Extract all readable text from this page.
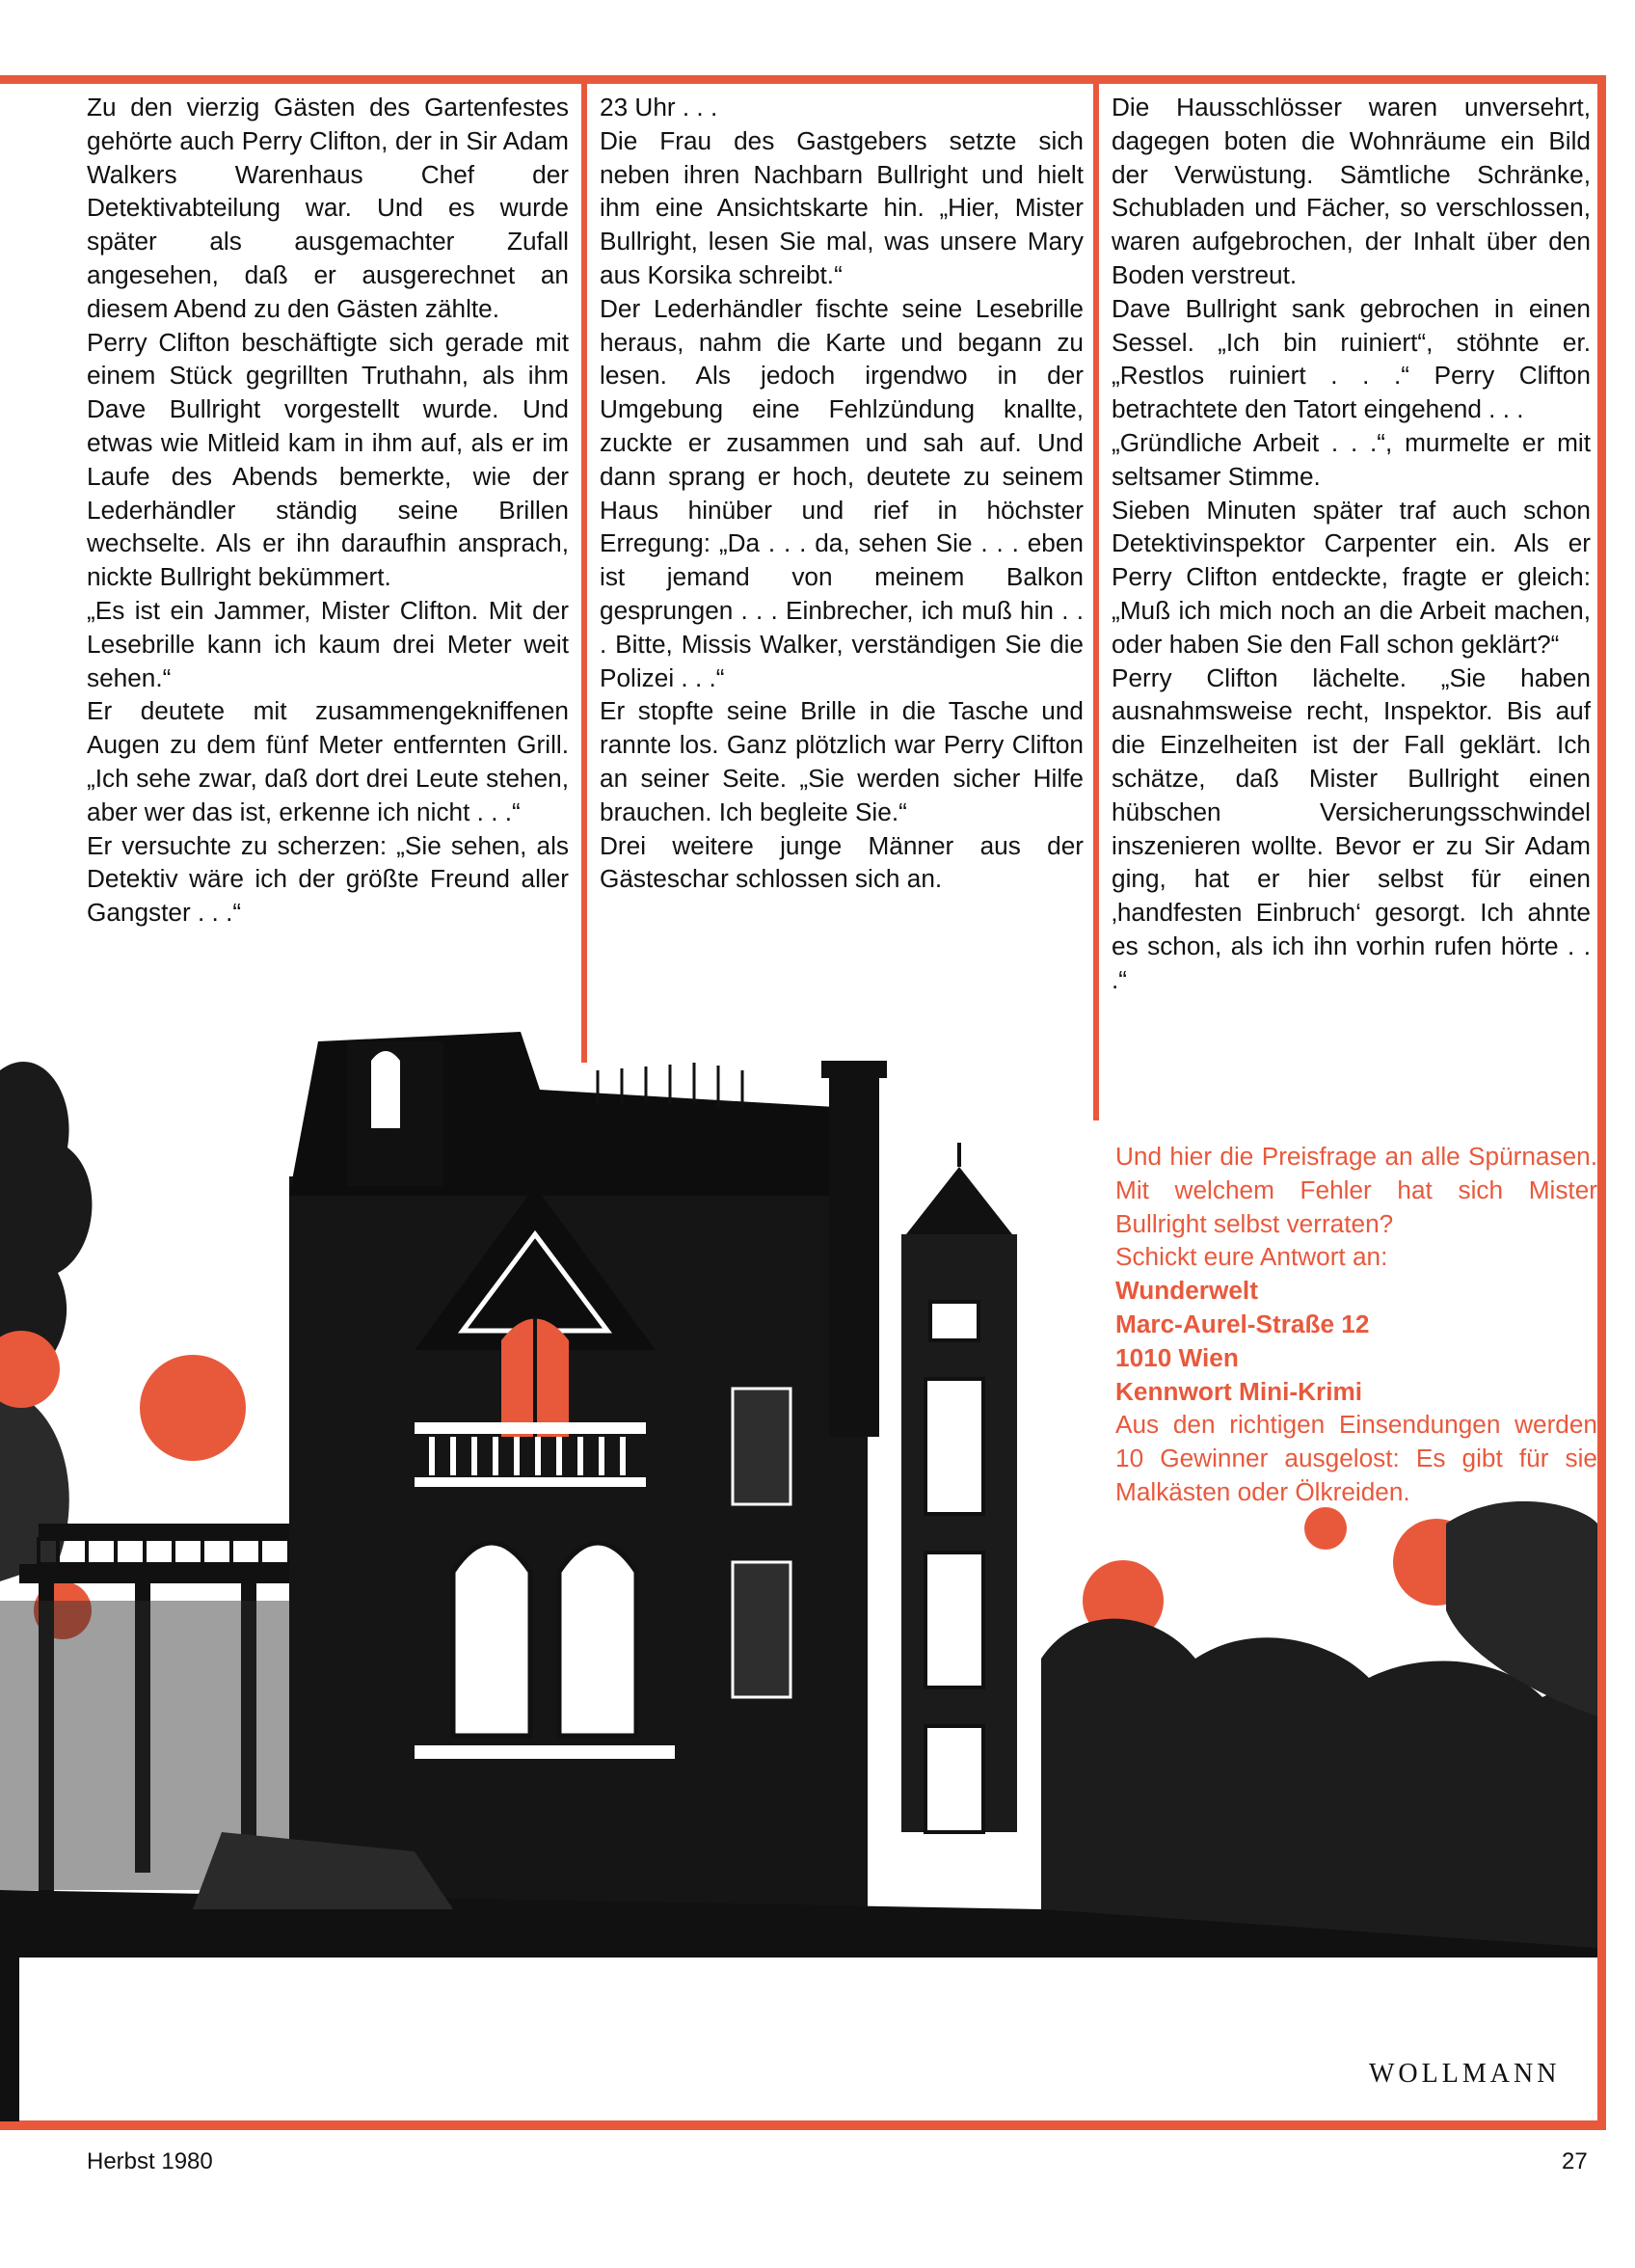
Zu den vierzig Gästen des Gartenfestes gehörte auch Perry Clifton, der in Sir Adam Walkers Warenhaus Chef der Detektivabteilung war. Und es wurde später als ausgemachter Zufall angesehen, daß er ausgerechnet an diesem Abend zu den Gästen zählte.

Perry Clifton beschäftigte sich gerade mit einem Stück gegrillten Truthahn, als ihm Dave Bullright vorgestellt wurde. Und etwas wie Mitleid kam in ihm auf, als er im Laufe des Abends bemerkte, wie der Lederhändler ständig seine Brillen wechselte. Als er ihn daraufhin ansprach, nickte Bullright bekümmert.

„Es ist ein Jammer, Mister Clifton. Mit der Lesebrille kann ich kaum drei Meter weit sehen.“

Er deutete mit zusammengekniffenen Augen zu dem fünf Meter entfernten Grill. „Ich sehe zwar, daß dort drei Leute stehen, aber wer das ist, erkenne ich nicht . . .“

Er versuchte zu scherzen: „Sie sehen, als Detektiv wäre ich der größte Freund aller Gangster . . .“

23 Uhr . . .

Die Frau des Gastgebers setzte sich neben ihren Nachbarn Bullright und hielt ihm eine Ansichtskarte hin. „Hier, Mister Bullright, lesen Sie mal, was unsere Mary aus Korsika schreibt.“

Der Lederhändler fischte seine Lesebrille heraus, nahm die Karte und begann zu lesen. Als jedoch irgendwo in der Umgebung eine Fehlzündung knallte, zuckte er zusammen und sah auf. Und dann sprang er hoch, deutete zu seinem Haus hinüber und rief in höchster Erregung: „Da . . . da, sehen Sie . . . eben ist jemand von meinem Balkon gesprungen . . . Einbrecher, ich muß hin . . . Bitte, Missis Walker, verständigen Sie die Polizei . . .“

Er stopfte seine Brille in die Tasche und rannte los. Ganz plötzlich war Perry Clifton an seiner Seite. „Sie werden sicher Hilfe brauchen. Ich begleite Sie.“

Drei weitere junge Männer aus der Gästeschar schlossen sich an.

Die Hausschlösser waren unversehrt, dagegen boten die Wohnräume ein Bild der Verwüstung. Sämtliche Schränke, Schubladen und Fächer, so verschlossen, waren aufgebrochen, der Inhalt über den Boden verstreut.

Dave Bullright sank gebrochen in einen Sessel. „Ich bin ruiniert“, stöhnte er. „Restlos ruiniert . . .“ Perry Clifton betrachtete den Tatort eingehend . . .

„Gründliche Arbeit . . .“, murmelte er mit seltsamer Stimme.

Sieben Minuten später traf auch schon Detektivinspektor Carpenter ein. Als er Perry Clifton entdeckte, fragte er gleich: „Muß ich mich noch an die Arbeit machen, oder haben Sie den Fall schon geklärt?“

Perry Clifton lächelte. „Sie haben ausnahmsweise recht, Inspektor. Bis auf die Einzelheiten ist der Fall geklärt. Ich schätze, daß Mister Bullright einen hübschen Versicherungsschwindel inszenieren wollte. Bevor er zu Sir Adam ging, hat er hier selbst für einen ‚handfesten Einbruch‘ gesorgt. Ich ahnte es schon, als ich ihn vorhin rufen hörte . . .“

Und hier die Preisfrage an alle Spürnasen. Mit welchem Fehler hat sich Mister Bullright selbst verraten?

Schickt eure Antwort an:

Wunderwelt

Marc-Aurel-Straße 12

1010 Wien

Kennwort Mini-Krimi

Aus den richtigen Einsendungen werden 10 Gewinner ausgelost: Es gibt für sie Malkästen oder Ölkreiden.

WOLLMANN
Herbst 1980	27
